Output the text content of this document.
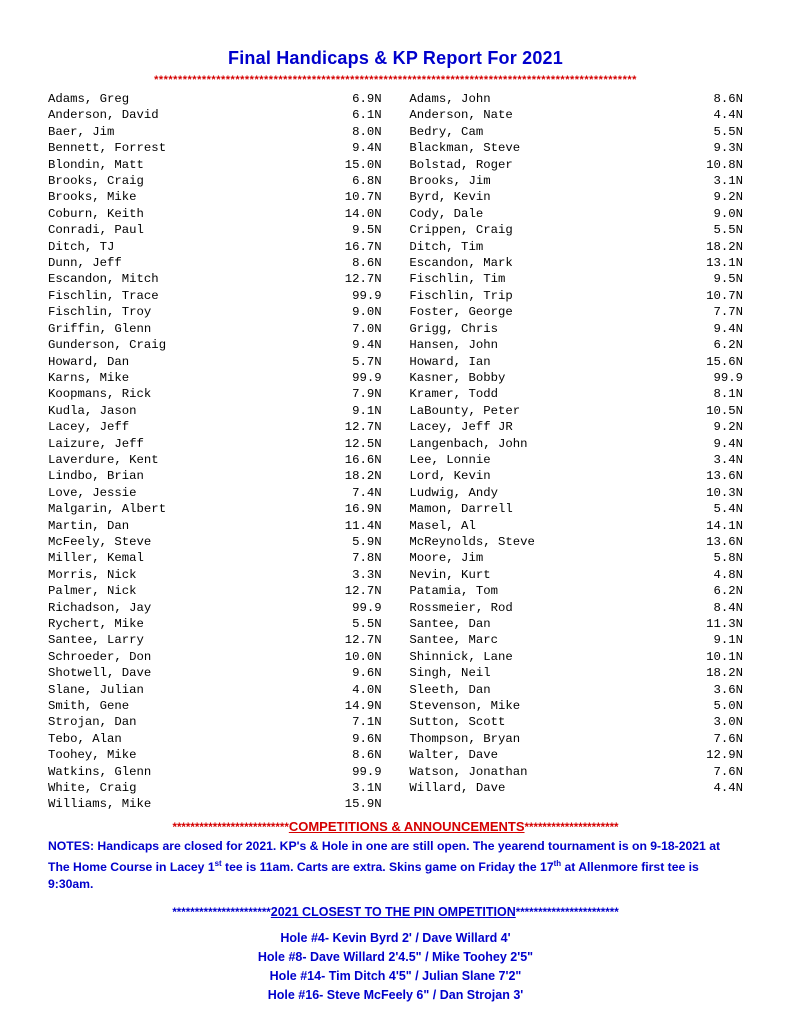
Final Handicaps & KP Report For 2021
*****************************************************************************************************
Adams, Greg	6.9N
Anderson, David	6.1N
Baer, Jim	8.0N
Bennett, Forrest	9.4N
Blondin, Matt	15.0N
Brooks, Craig	6.8N
Brooks, Mike	10.7N
Coburn, Keith	14.0N
Conradi, Paul	9.5N
Ditch, TJ	16.7N
Dunn, Jeff	8.6N
Escandon, Mitch	12.7N
Fischlin, Trace	99.9
Fischlin, Troy	9.0N
Griffin, Glenn	7.0N
Gunderson, Craig	9.4N
Howard, Dan	5.7N
Karns, Mike	99.9
Koopmans, Rick	7.9N
Kudla, Jason	9.1N
Lacey, Jeff	12.7N
Laizure, Jeff	12.5N
Laverdure, Kent	16.6N
Lindbo, Brian	18.2N
Love, Jessie	7.4N
Malgarin, Albert	16.9N
Martin, Dan	11.4N
McFeely, Steve	5.9N
Miller, Kemal	7.8N
Morris, Nick	3.3N
Palmer, Nick	12.7N
Richadson, Jay	99.9
Rychert, Mike	5.5N
Santee, Larry	12.7N
Schroeder, Don	10.0N
Shotwell, Dave	9.6N
Slane, Julian	4.0N
Smith, Gene	14.9N
Strojan, Dan	7.1N
Tebo, Alan	9.6N
Toohey, Mike	8.6N
Watkins, Glenn	99.9
White, Craig	3.1N
Williams, Mike	15.9N
Adams, John	8.6N
Anderson, Nate	4.4N
Bedry, Cam	5.5N
Blackman, Steve	9.3N
Bolstad, Roger	10.8N
Brooks, Jim	3.1N
Byrd, Kevin	9.2N
Cody, Dale	9.0N
Crippen, Craig	5.5N
Ditch, Tim	18.2N
Escandon, Mark	13.1N
Fischlin, Tim	9.5N
Fischlin, Trip	10.7N
Foster, George	7.7N
Grigg, Chris	9.4N
Hansen, John	6.2N
Howard, Ian	15.6N
Kasner, Bobby	99.9
Kramer, Todd	8.1N
LaBounty, Peter	10.5N
Lacey, Jeff JR	9.2N
Langenbach, John	9.4N
Lee, Lonnie	3.4N
Lord, Kevin	13.6N
Ludwig, Andy	10.3N
Mamon, Darrell	5.4N
Masel, Al	14.1N
McReynolds, Steve	13.6N
Moore, Jim	5.8N
Nevin, Kurt	4.8N
Patamia, Tom	6.2N
Rossmeier, Rod	8.4N
Santee, Dan	11.3N
Santee, Marc	9.1N
Shinnick, Lane	10.1N
Singh, Neil	18.2N
Sleeth, Dan	3.6N
Stevenson, Mike	5.0N
Sutton, Scott	3.0N
Thompson, Bryan	7.6N
Walter, Dave	12.9N
Watson, Jonathan	7.6N
Willard, Dave	4.4N
**************************COMPETITIONS & ANNOUNCEMENTS*********************
NOTES: Handicaps are closed for 2021. KP's & Hole in one are still open. The yearend tournament is on 9-18-2021 at
The Home Course in Lacey 1st tee is 11am. Carts are extra. Skins game on Friday the 17th at Allenmore first tee is
9:30am.
**********************2021 CLOSEST TO THE PIN OMPETITION***********************
Hole #4- Kevin Byrd 2' / Dave Willard 4'
Hole #8- Dave Willard 2'4.5" / Mike Toohey 2'5"
Hole #14- Tim Ditch 4'5" / Julian Slane 7'2"
Hole #16- Steve McFeely 6" / Dan Strojan 3'
